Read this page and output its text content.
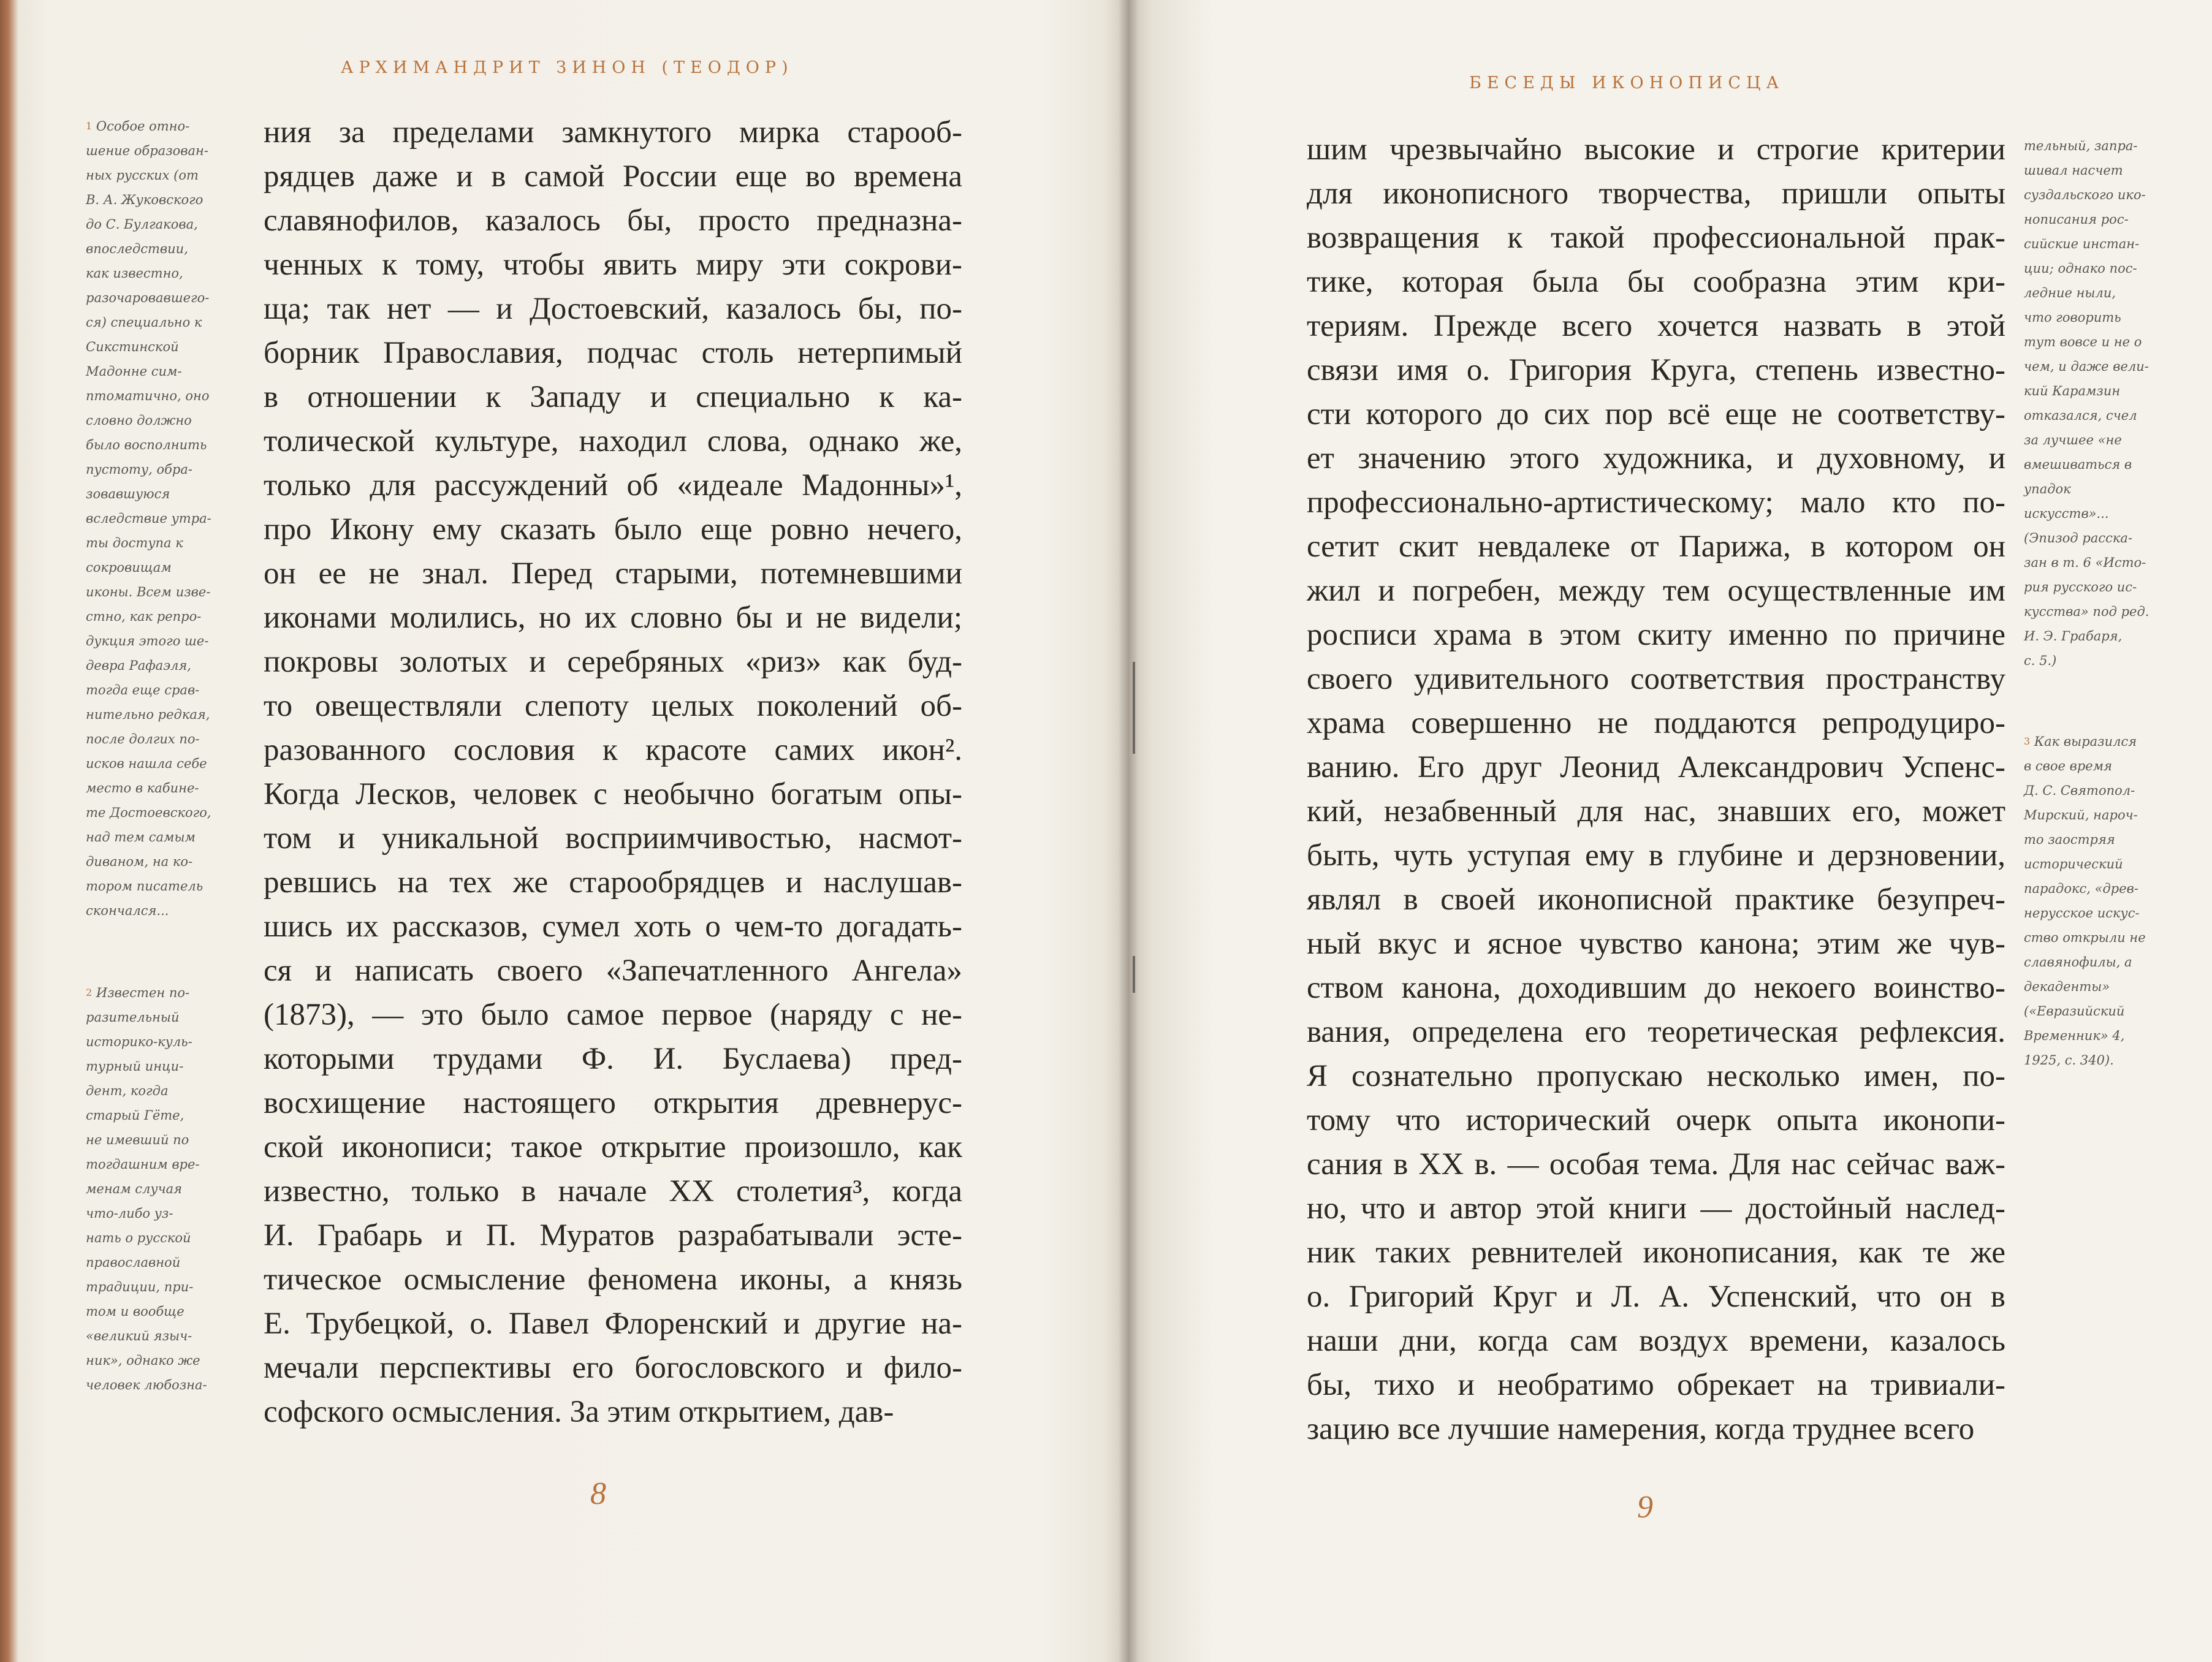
АРХИМАНДРИТ ЗИНОН (ТЕОДОР)
$^1$ Особое отно-
шение образован-
ных русских (от
В. А. Жуковского
до С. Булгакова,
впоследствии,
как известно,
разочаровавшего-
ся) специально к
Сикстинской
Мадонне сим-
птоматично, оно
словно должно
было восполнить
пустоту, обра-
зовавшуюся
вследствие утра-
ты доступа к
сокровищам
иконы. Всем изве-
стно, как репро-
дукция этого ше-
девра Рафаэля,
тогда еще срав-
нительно редкая,
после долгих по-
исков нашла себе
место в кабине-
те Достоевского,
над тем самым
диваном, на ко-
тором писатель
скончался...
$^2$ Известен по-
разительный
историко-куль-
турный инци-
дент, когда
старый Гёте,
не имевший по
тогдашним вре-
менам случая
что-либо уз-
нать о русской
православной
традиции, при-
том и вообще
«великий языч-
ник», однако же
человек любозна-
ния за пределами замкнутого мирка старооб-
рядцев даже и в самой России еще во времена
славянофилов, казалось бы, просто предназна-
ченных к тому, чтобы явить миру эти сокрови-
ща; так нет — и Достоевский, казалось бы, по-
борник Православия, подчас столь нетерпимый
в отношении к Западу и специально к ка-
толической культуре, находил слова, однако же,
только для рассуждений об «идеале Мадонны»¹,
про Икону ему сказать было еще ровно нечего,
он ее не знал. Перед старыми, потемневшими
иконами молились, но их словно бы и не видели;
покровы золотых и серебряных «риз» как буд-
то овеществляли слепоту целых поколений об-
разованного сословия к красоте самих икон².
Когда Лесков, человек с необычно богатым опы-
том и уникальной восприимчивостью, насмот-
ревшись на тех же старообрядцев и наслушав-
шись их рассказов, сумел хоть о чем-то догадать-
ся и написать своего «Запечатленного Ангела»
(1873), — это было самое первое (наряду с не-
которыми трудами Ф. И. Буслаева) пред-
восхищение настоящего открытия древнерус-
ской иконописи; такое открытие произошло, как
известно, только в начале XX столетия³, когда
И. Грабарь и П. Муратов разрабатывали эсте-
тическое осмысление феномена иконы, а князь
Е. Трубецкой, о. Павел Флоренский и другие на-
мечали перспективы его богословского и фило-
софского осмысления. За этим открытием, дав-
8
БЕСЕДЫ ИКОНОПИСЦА
шим чрезвычайно высокие и строгие критерии
для иконописного творчества, пришли опыты
возвращения к такой профессиональной прак-
тике, которая была бы сообразна этим кри-
териям. Прежде всего хочется назвать в этой
связи имя о. Григория Круга, степень известно-
сти которого до сих пор всё еще не соответству-
ет значению этого художника, и духовному, и
профессионально-артистическому; мало кто по-
сетит скит невдалеке от Парижа, в котором он
жил и погребен, между тем осуществленные им
росписи храма в этом скиту именно по причине
своего удивительного соответствия пространству
храма совершенно не поддаются репродуциро-
ванию. Его друг Леонид Александрович Успенс-
кий, незабвенный для нас, знавших его, может
быть, чуть уступая ему в глубине и дерзновении,
являл в своей иконописной практике безупреч-
ный вкус и ясное чувство канона; этим же чув-
ством канона, доходившим до некоего воинство-
вания, определена его теоретическая рефлексия.
Я сознательно пропускаю несколько имен, по-
тому что исторический очерк опыта иконопи-
сания в XX в. — особая тема. Для нас сейчас важ-
но, что и автор этой книги — достойный наслед-
ник таких ревнителей иконописания, как те же
о. Григорий Круг и Л. А. Успенский, что он в
наши дни, когда сам воздух времени, казалось
бы, тихо и необратимо обрекает на тривиали-
зацию все лучшие намерения, когда труднее всего
тельный, запра-
шивал насчет
суздальского ико-
нописания рос-
сийские инстан-
ции; однако пос-
ледние ныли,
что говорить
тут вовсе и не о
чем, и даже вели-
кий Карамзин
отказался, счел
за лучшее «не
вмешиваться в
упадок
искусств»...
(Эпизод расска-
зан в т. 6 «Исто-
рия русского ис-
кусства» под ред.
И. Э. Грабаря,
с. 5.)
$^3$ Как выразился
в свое время
Д. С. Святопол-
Мирский, нароч-
то заостряя
исторический
парадокс, «древ-
нерусское искус-
ство открыли не
славянофилы, а
декаденты»
(«Евразийский
Временник» 4,
1925, с. 340).
9
